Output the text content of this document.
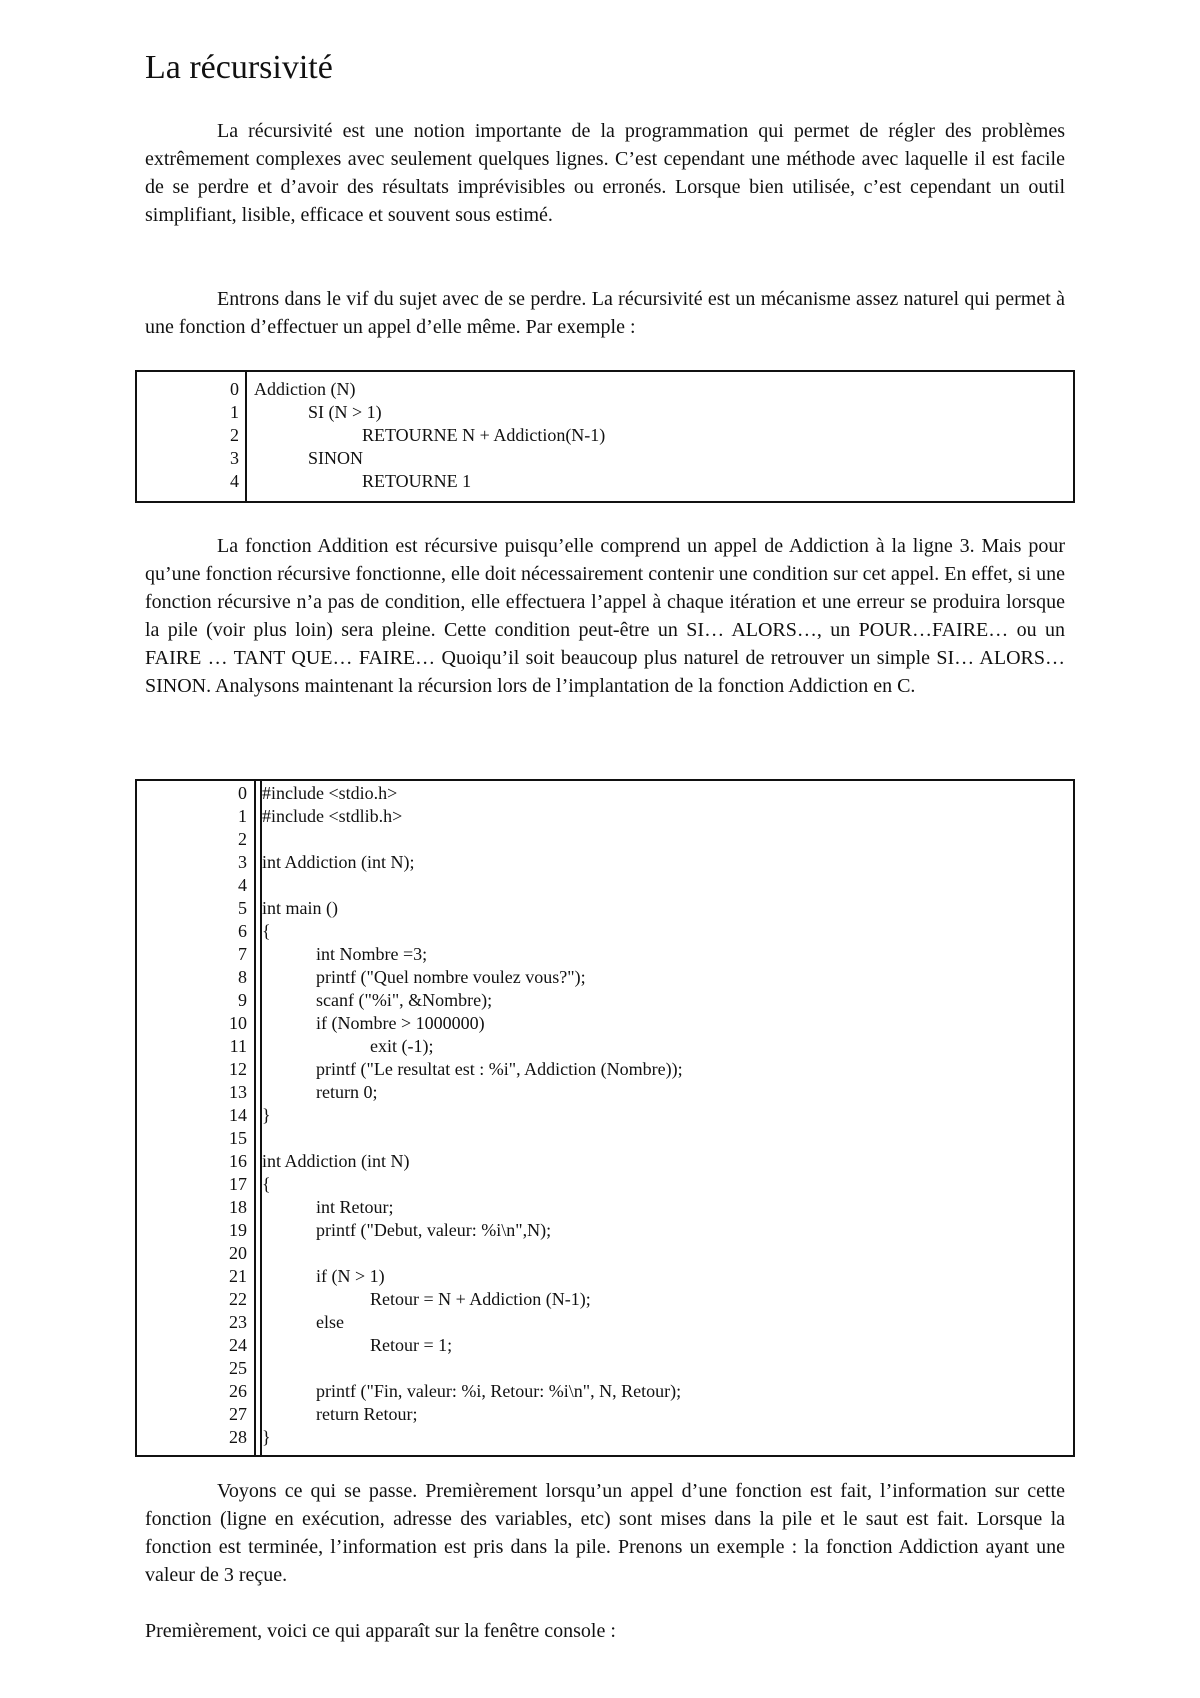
La récursivité

La récursivité est une notion importante de la programmation qui permet de régler des problèmes extrêmement complexes avec seulement quelques lignes. C’est cependant une méthode avec laquelle il est facile de se perdre et d’avoir des résultats imprévisibles ou erronés. Lorsque bien utilisée, c’est cependant un outil simplifiant, lisible, efficace et souvent sous estimé.

Entrons dans le vif du sujet avec de se perdre. La récursivité est un mécanisme assez naturel qui permet à une fonction d’effectuer un appel d’elle même. Par exemple :

La fonction Addition est récursive puisqu’elle comprend un appel de Addiction à la ligne 3. Mais pour qu’une fonction récursive fonctionne, elle doit nécessairement contenir une condition sur cet appel. En effet, si une fonction récursive n’a pas de condition, elle effectuera l’appel à chaque itération et une erreur se produira lorsque la pile (voir plus loin) sera pleine. Cette condition peut-être un SI… ALORS…, un POUR…FAIRE… ou un FAIRE … TANT QUE… FAIRE… Quoiqu’il soit beaucoup plus naturel de retrouver un simple SI… ALORS…SINON. Analysons maintenant la récursion lors de l’implantation de la fonction Addiction en C.

Voyons ce qui se passe. Premièrement lorsqu’un appel d’une fonction est fait, l’information sur cette fonction (ligne en exécution, adresse des variables, etc) sont mises dans la pile et le saut est fait. Lorsque la fonction est terminée, l’information est pris dans la pile. Prenons un exemple : la fonction Addiction ayant une valeur de 3 reçue.

Premièrement, voici ce qui apparaît sur la fenêtre console :

0 Addiction (N)
1 SI (N > 1)
2 RETOURNE N + Addiction(N-1)
3 SINON
4 RETOURNE 1
0 #include <stdio.h>
1 #include <stdlib.h>
2
3 int Addiction (int N);
4
5 int main ()
6 {
7 int Nombre =3;
8 printf ("Quel nombre voulez vous?");
9 scanf ("%i", &Nombre);
10 if (Nombre > 1000000)
11 exit (-1);
12 printf ("Le resultat est : %i", Addiction (Nombre));
13 return 0;
14 }
15
16 int Addiction (int N)
17 {
18 int Retour;
19 printf ("Debut, valeur: %i\n",N);
20
21 if (N > 1)
22 Retour = N + Addiction (N-1);
23 else
24 Retour = 1;
25
26 printf ("Fin, valeur: %i, Retour: %i\n", N, Retour);
27 return Retour;
28 }
